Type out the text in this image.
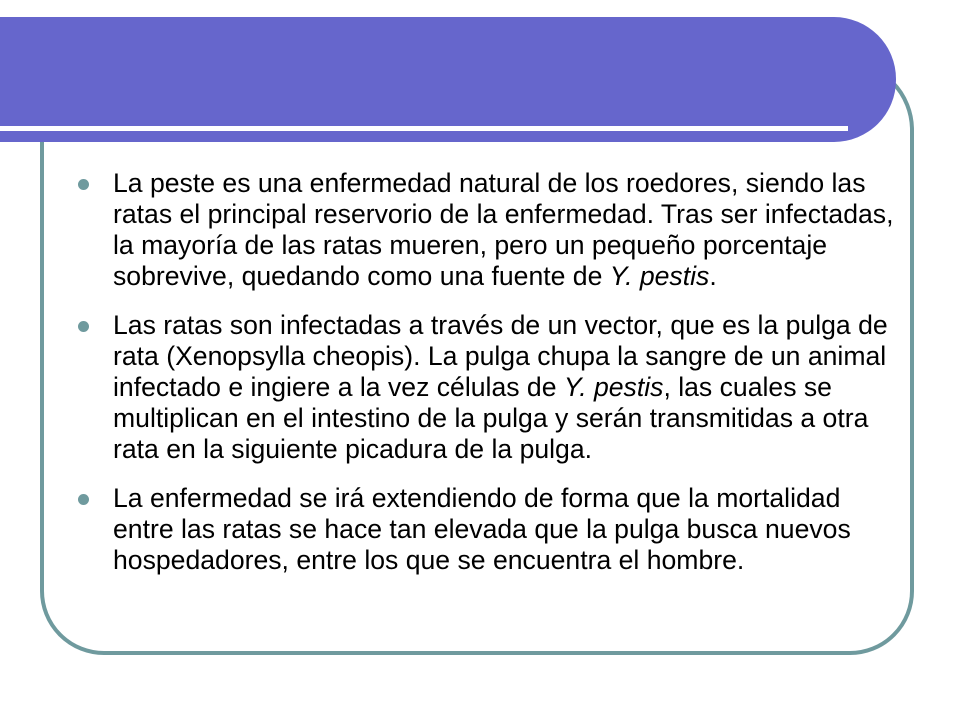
La peste es una enfermedad natural de los roedores, siendo las ratas el principal reservorio de la enfermedad. Tras ser infectadas, la mayoría de las ratas mueren, pero un pequeño porcentaje sobrevive, quedando como una fuente de Y. pestis.
Las ratas son infectadas a través de un vector, que es la pulga de rata (Xenopsylla cheopis). La pulga chupa la sangre de un animal infectado e ingiere a la vez células de Y. pestis, las cuales se multiplican en el intestino de la pulga y serán transmitidas a otra rata en la siguiente picadura de la pulga.
La enfermedad se irá extendiendo de forma que la mortalidad entre las ratas se hace tan elevada que la pulga busca nuevos hospedadores, entre los que se encuentra el hombre.
